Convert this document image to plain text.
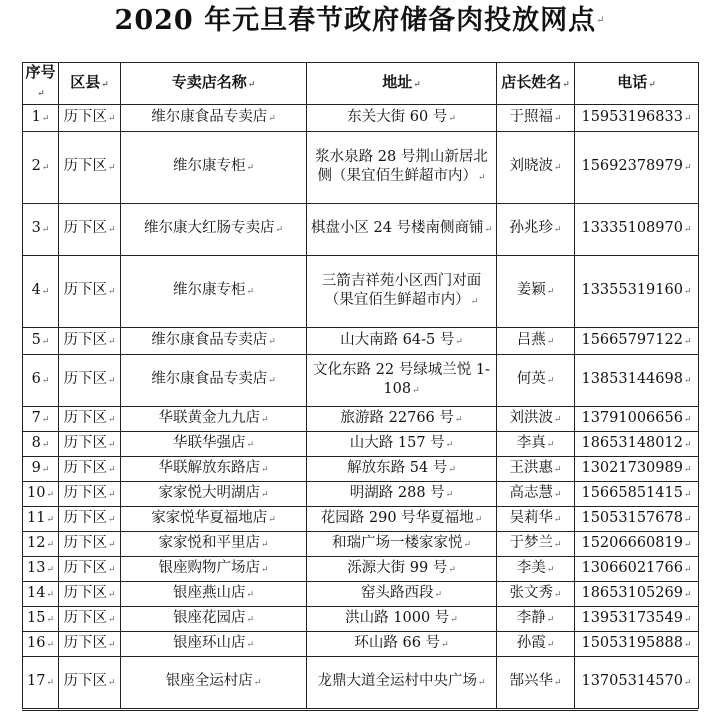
2020 年元旦春节政府储备肉投放网点↵
序号↵	区县↵	专卖店名称↵	地址↵	店长姓名↵	电话↵
1↵	历下区↵	维尔康食品专卖店↵	东关大街 60 号↵	于照福↵	15953196833↵
2↵	历下区↵	维尔康专柜↵	浆水泉路 28 号荆山新居北侧（果宜佰生鲜超市内）↵	刘晓波↵	15692378979↵
3↵	历下区↵	维尔康大红肠专卖店↵	棋盘小区 24 号楼南侧商铺↵	孙兆珍↵	13335108970↵
4↵	历下区↵	维尔康专柜↵	三箭吉祥苑小区西门对面（果宜佰生鲜超市内）↵	姜颖↵	13355319160↵
5↵	历下区↵	维尔康食品专卖店↵	山大南路 64-5 号↵	吕燕↵	15665797122↵
6↵	历下区↵	维尔康食品专卖店↵	文化东路 22 号绿城兰悦 1-108↵	何英↵	13853144698↵
7↵	历下区↵	华联黄金九九店↵	旅游路 22766 号↵	刘洪波↵	13791006656↵
8↵	历下区↵	华联华强店↵	山大路 157 号↵	李真↵	18653148012↵
9↵	历下区↵	华联解放东路店↵	解放东路 54 号↵	王洪惠↵	13021730989↵
10↵	历下区↵	家家悦大明湖店↵	明湖路 288 号↵	高志慧↵	15665851415↵
11↵	历下区↵	家家悦华夏福地店↵	花园路 290 号华夏福地↵	吴莉华↵	15053157678↵
12↵	历下区↵	家家悦和平里店↵	和瑞广场一楼家家悦↵	于梦兰↵	15206660819↵
13↵	历下区↵	银座购物广场店↵	泺源大街 99 号↵	李美↵	13066021766↵
14↵	历下区↵	银座燕山店↵	窑头路西段↵	张文秀↵	18653105269↵
15↵	历下区↵	银座花园店↵	洪山路 1000 号↵	李静↵	13953173549↵
16↵	历下区↵	银座环山店↵	环山路 66 号↵	孙霞↵	15053195888↵
17↵	历下区↵	银座全运村店↵	龙鼎大道全运村中央广场↵	郜兴华↵	13705314570↵
